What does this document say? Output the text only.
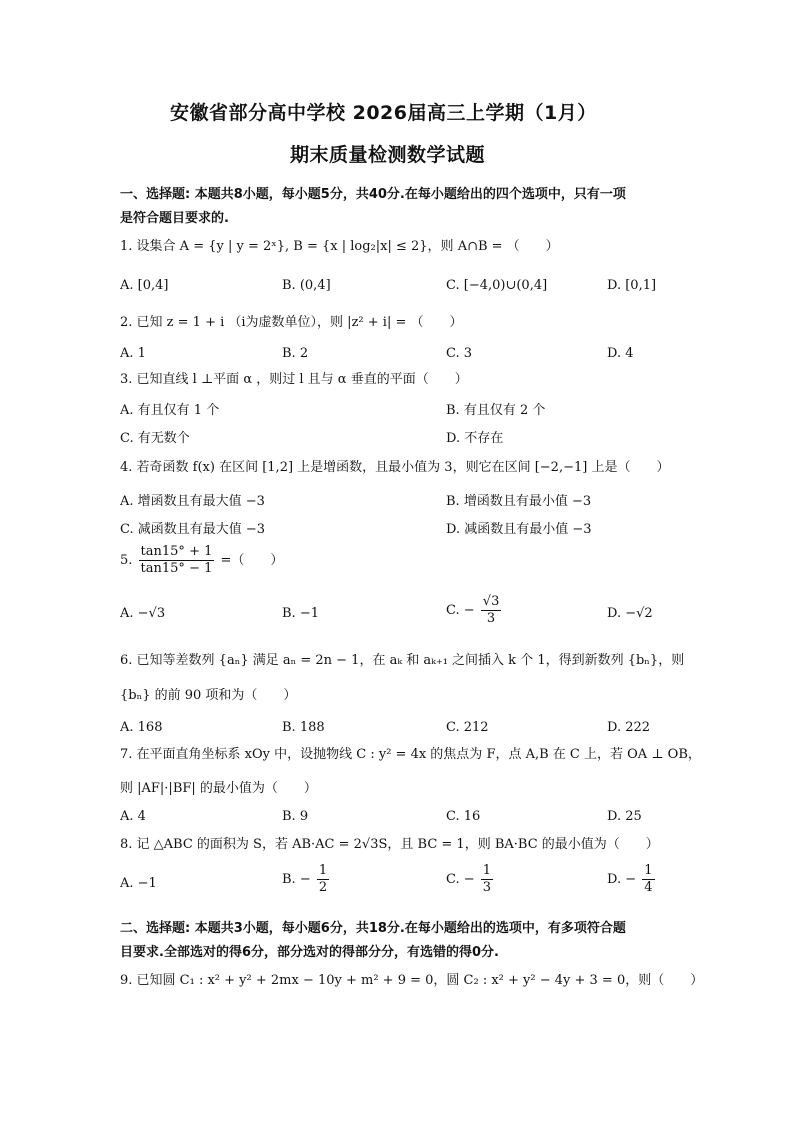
安徽省部分高中学校 2026届高三上学期（1月）
期末质量检测数学试题
一、选择题: 本题共8小题，每小题5分，共40分.在每小题给出的四个选项中，只有一项
是符合题目要求的.
1. 设集合 A = {y | y = 2ˣ}, B = {x | log₂|x| ≤ 2}，则 A∩B = （　　）
A. [0,4]	B. (0,4]	C. [−4,0)∪(0,4]	D. [0,1]
2. 已知 z = 1 + i （i为虚数单位），则 |z² + i| = （　　）
A. 1	B. 2	C. 3	D. 4
3. 已知直线 l ⊥平面 α ，则过 l 且与 α 垂直的平面（　　）
A. 有且仅有 1 个	B. 有且仅有 2 个
C. 有无数个	D. 不存在
4. 若奇函数 f(x) 在区间 [1,2] 上是增函数，且最小值为 3，则它在区间 [−2,−1] 上是（　　）
A. 增函数且有最大值 −3	B. 增函数且有最小值 −3
C. 减函数且有最大值 −3	D. 减函数且有最小值 −3
5. $\frac{\tan 15^\circ + 1}{\tan 15^\circ - 1}$ =（　　）
A. −√3	B. −1	C. − $\frac{√3}{3}$	D. −√2
6. 已知等差数列 {aₙ} 满足 aₙ = 2n − 1，在 aₖ 和 aₖ₊₁ 之间插入 k 个 1，得到新数列 {bₙ}，则
{bₙ} 的前 90 项和为（　　）
A. 168	B. 188	C. 212	D. 222
7. 在平面直角坐标系 xOy 中，设抛物线 C : y² = 4x 的焦点为 F，点 A,B 在 C 上，若 OA ⊥ OB，
则 |AF|·|BF| 的最小值为（　　）
A. 4	B. 9	C. 16	D. 25
8. 记 △ABC 的面积为 S，若 AB·AC = 2√3S，且 BC = 1，则 BA·BC 的最小值为（　　）
A. −1	B. − $\frac{1}{2}$	C. − $\frac{1}{3}$	D. − $\frac{1}{4}$
二、选择题: 本题共3小题，每小题6分，共18分.在每小题给出的选项中，有多项符合题
目要求.全部选对的得6分，部分选对的得部分分，有选错的得0分.
9. 已知圆 C₁ : x² + y² + 2mx − 10y + m² + 9 = 0，圆 C₂ : x² + y² − 4y + 3 = 0，则（　　）
